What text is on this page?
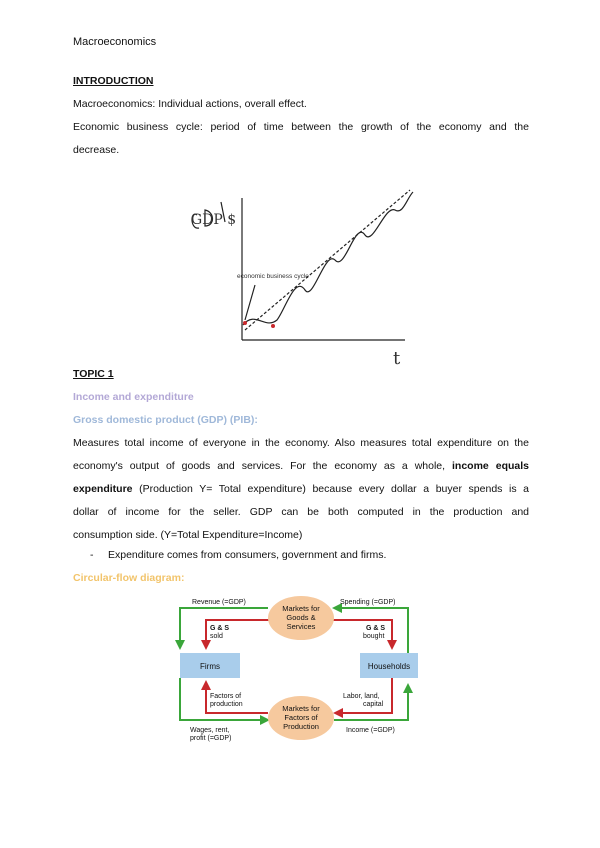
Macroeconomics
INTRODUCTION
Macroeconomics: Individual actions, overall effect.
Economic business cycle: period of time between the growth of the economy and the
decrease.
GDP $
t
economic business cycle
TOPIC 1
Income and expenditure
Gross domestic product (GDP) (PIB):
Measures total income of everyone in the economy. Also measures total expenditure on the
economy's output of goods and services. For the economy as a whole, income equals
expenditure (Production Y= Total expenditure) because every dollar a buyer spends is a
dollar of income for the seller. GDP can be both computed in the production and
consumption side. (Y=Total Expenditure=Income)
- Expenditure comes from consumers, government and firms.
Circular-flow diagram:
Markets for
Goods &
Services
Markets for
Factors of
Production
Firms	Households
Revenue (=GDP)	Spending (=GDP)
G & S
sold
G & S
bought
Factors of
production
Labor, land,
capital
Wages, rent,
profit (=GDP)
Income (=GDP)
